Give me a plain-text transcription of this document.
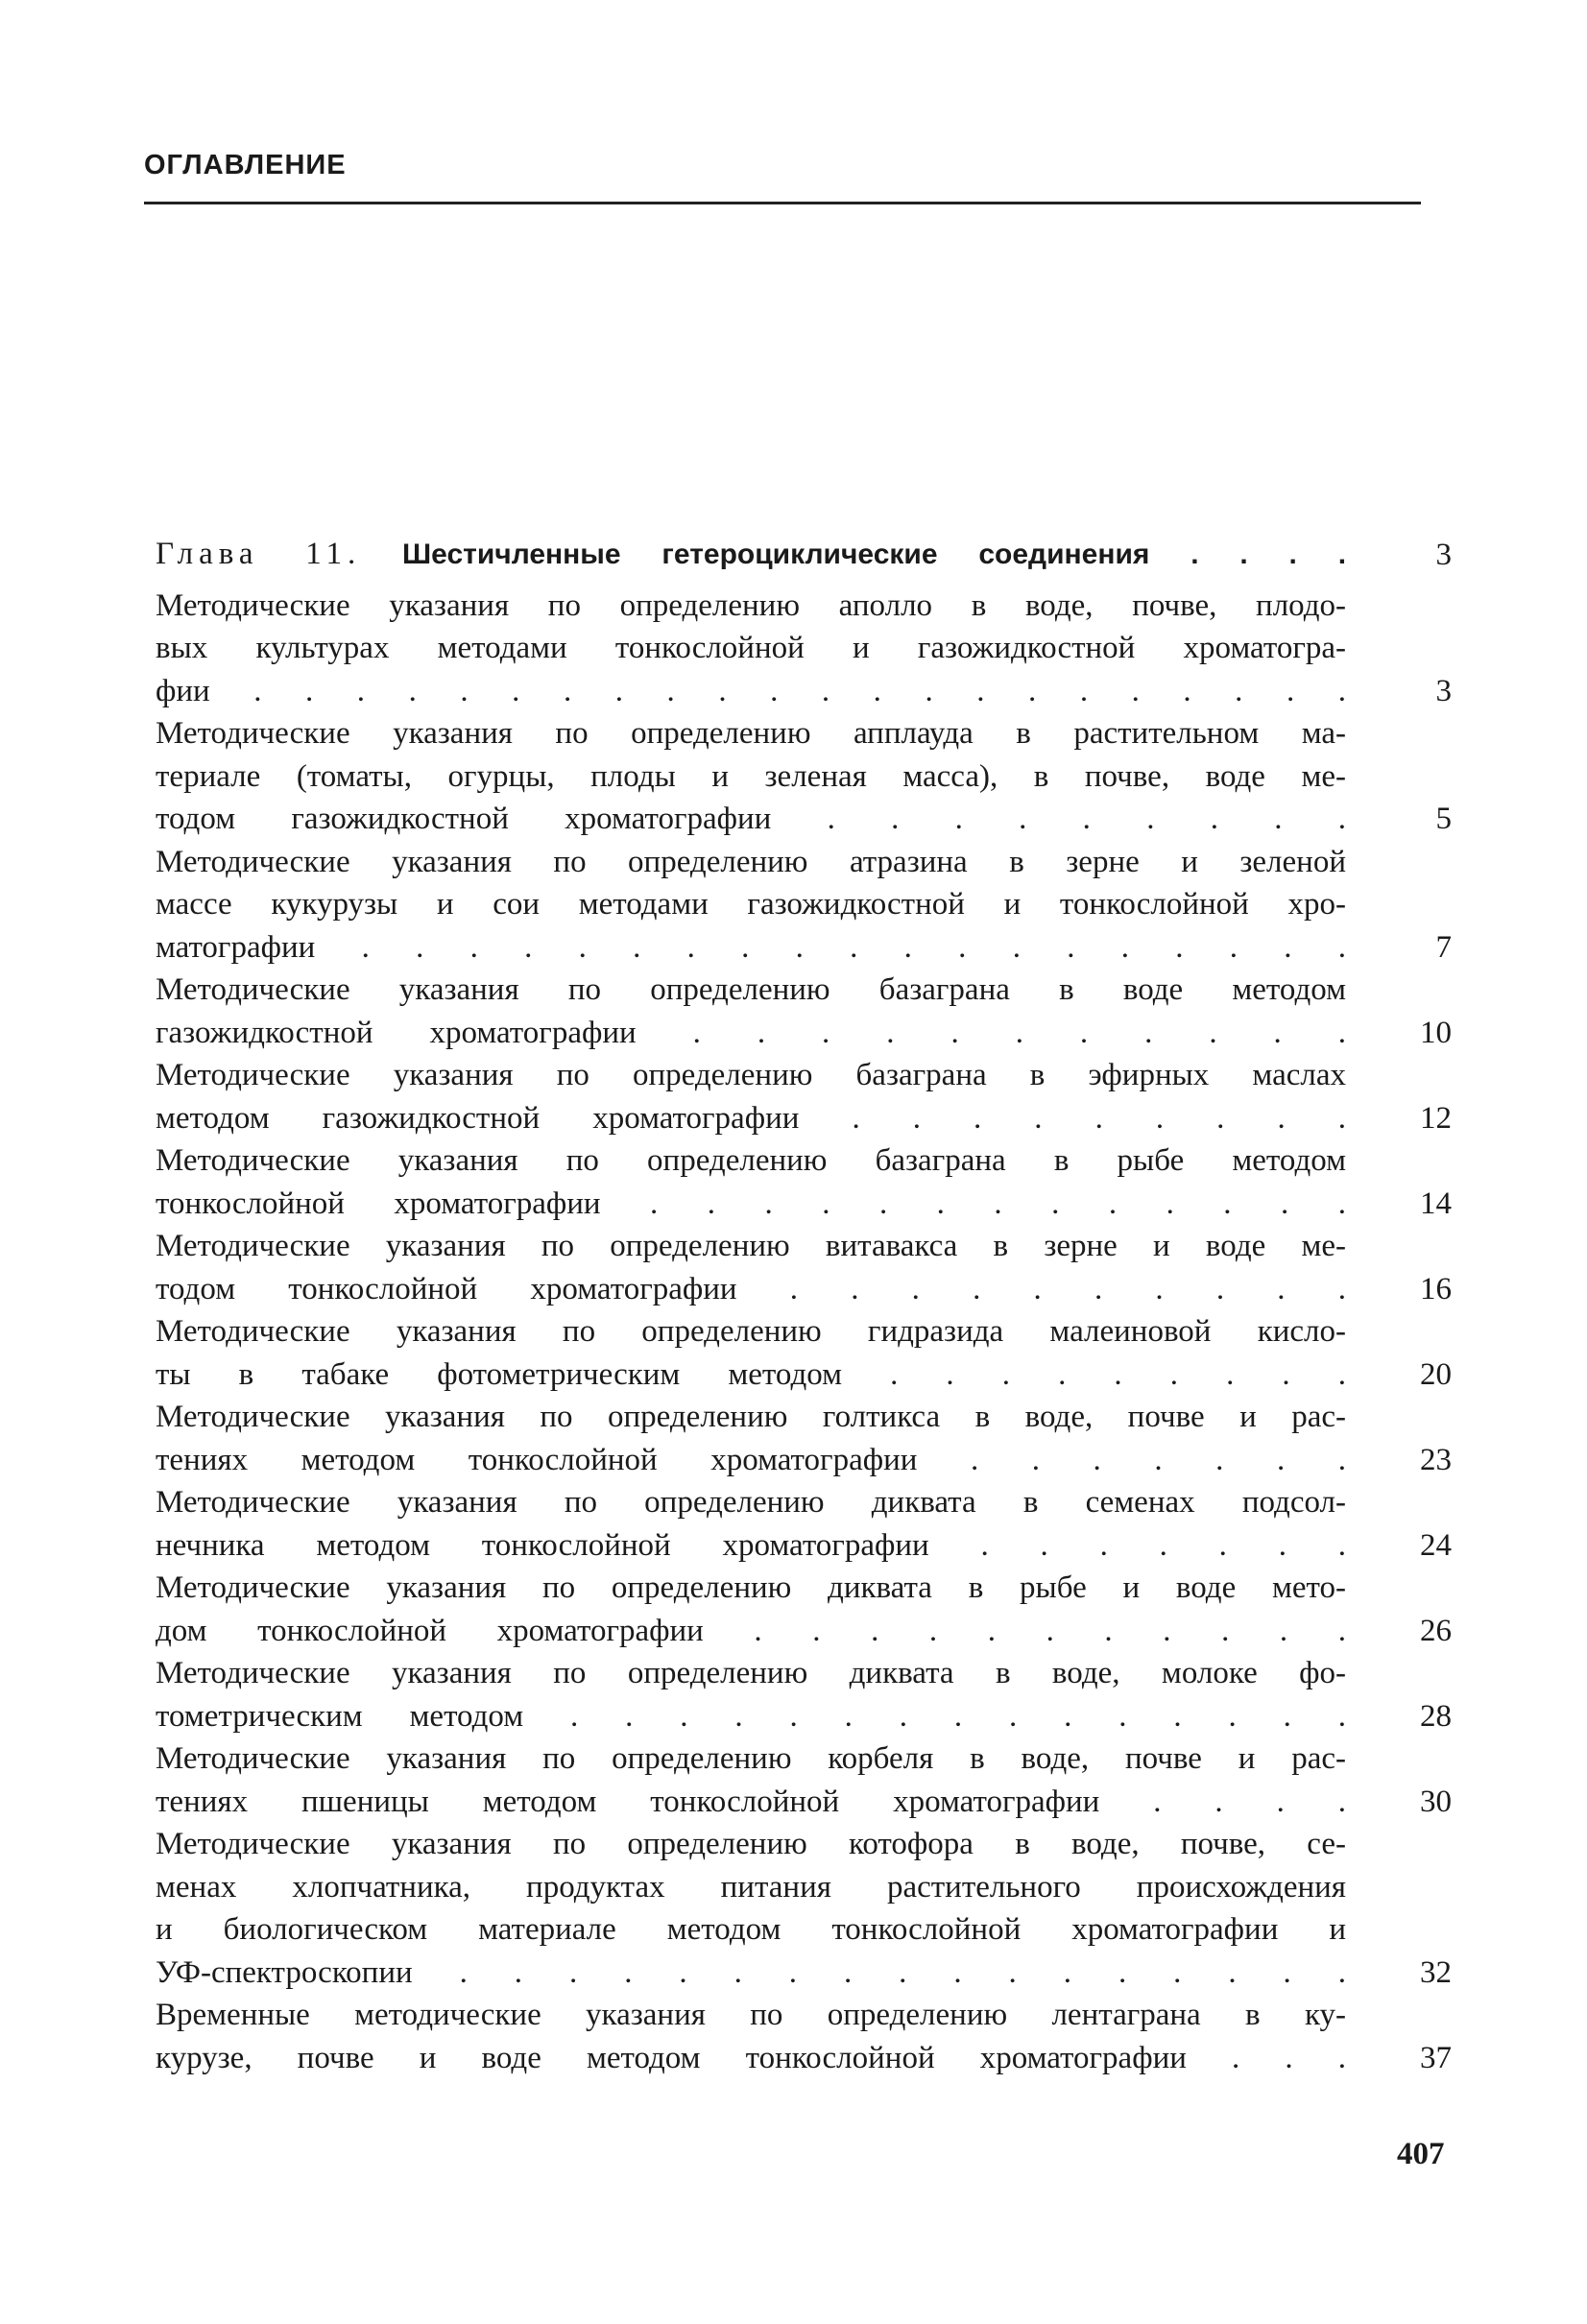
ОГЛАВЛЕНИЕ
Глава 11. Шестичленные гетероциклические соединения . . . .	3
Методические указания по определению аполло в воде, почве, плодо-
вых культурах методами тонкослойной и газожидкостной хроматогра-
фии . . . . . . . . . . . . . . . . . . . . . .	3
Методические указания по определению апплауда в растительном ма-
териале (томаты, огурцы, плоды и зеленая масса), в почве, воде ме-
тодом газожидкостной хроматографии . . . . . . . . .	5
Методические указания по определению атразина в зерне и зеленой
массе кукурузы и сои методами газожидкостной и тонкослойной хро-
матографии . . . . . . . . . . . . . . . . . . .	7
Методические указания по определению базаграна в воде методом
газожидкостной хроматографии . . . . . . . . . . . 10
Методические указания по определению базаграна в эфирных маслах
методом газожидкостной хроматографии . . . . . . . . . 12
Методические указания по определению базаграна в рыбе методом
тонкослойной хроматографии . . . . . . . . . . . . . 14
Методические указания по определению витавакса в зерне и воде ме-
тодом тонкослойной хроматографии . . . . . . . . . . 16
Методические указания по определению гидразида малеиновой кисло-
ты в табаке фотометрическим методом . . . . . . . . . 20
Методические указания по определению голтикса в воде, почве и рас-
тениях методом тонкослойной хроматографии . . . . . . . 23
Методические указания по определению диквата в семенах подсол-
нечника методом тонкослойной хроматографии . . . . . . . 24
Методические указания по определению диквата в рыбе и воде мето-
дом тонкослойной хроматографии . . . . . . . . . . . 26
Методические указания по определению диквата в воде, молоке фо-
тометрическим методом . . . . . . . . . . . . . . . 28
Методические указания по определению корбеля в воде, почве и рас-
тениях пшеницы методом тонкослойной хроматографии . . . . 30
Методические указания по определению котофора в воде, почве, се-
менах хлопчатника, продуктах питания растительного происхождения
и биологическом материале методом тонкослойной хроматографии и
УФ-спектроскопии . . . . . . . . . . . . . . . . . 32
Временные методические указания по определению лентаграна в ку-
курузе, почве и воде методом тонкослойной хроматографии . . . 37
407
